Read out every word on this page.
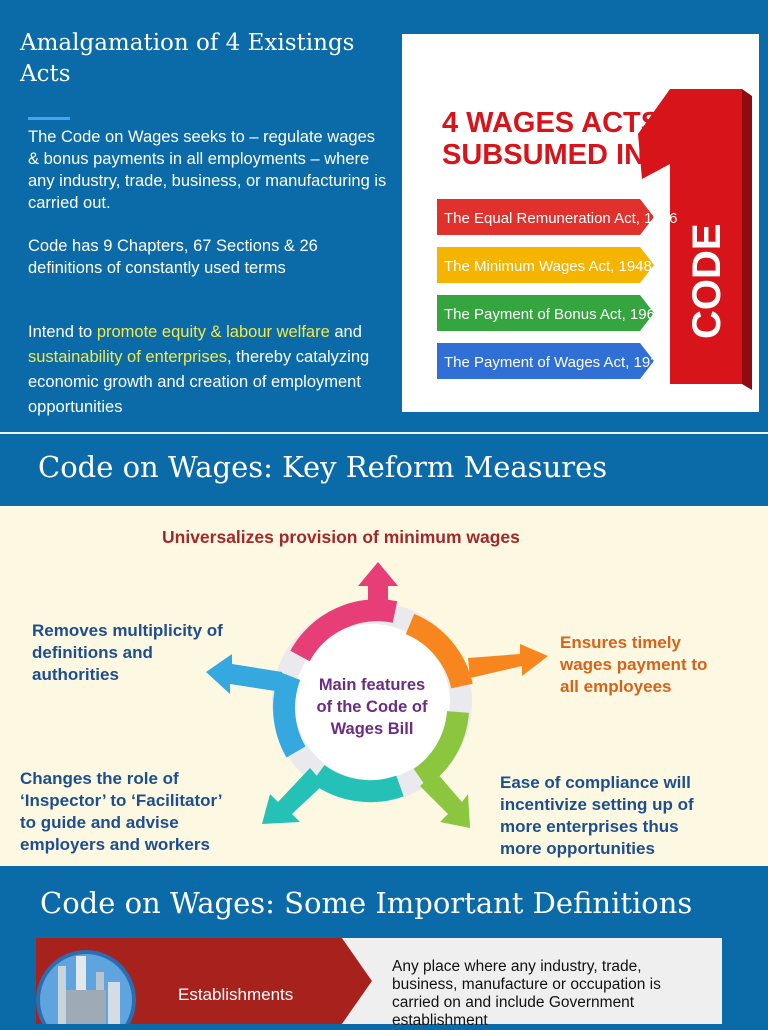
Amalgamation of 4 Existings Acts
The Code on Wages seeks to – regulate wages & bonus payments in all employments – where any industry, trade, business, or manufacturing is carried out.
Code has 9 Chapters, 67 Sections & 26 definitions of constantly used terms
Intend to promote equity & labour welfare and sustainability of enterprises, thereby catalyzing economic growth and creation of employment opportunities
4 WAGES ACTS
SUBSUMED INTO
CODE
The Equal Remuneration Act, 1976
The Minimum Wages Act, 1948
The Payment of Bonus Act, 1965
The Payment of Wages Act, 1936
Code on Wages: Key Reform Measures
Main features
of the Code of
Wages Bill
Universalizes provision of minimum wages
Removes multiplicity of
definitions and
authorities
Ensures timely
wages payment to
all employees
Changes the role of
‘Inspector’ to ‘Facilitator’
to guide and advise
employers and workers
Ease of compliance will
incentivize setting up of
more enterprises thus
more opportunities
Code on Wages: Some Important Definitions
Establishments
Any place where any industry, trade, business, manufacture or occupation is carried on and include Government establishment
